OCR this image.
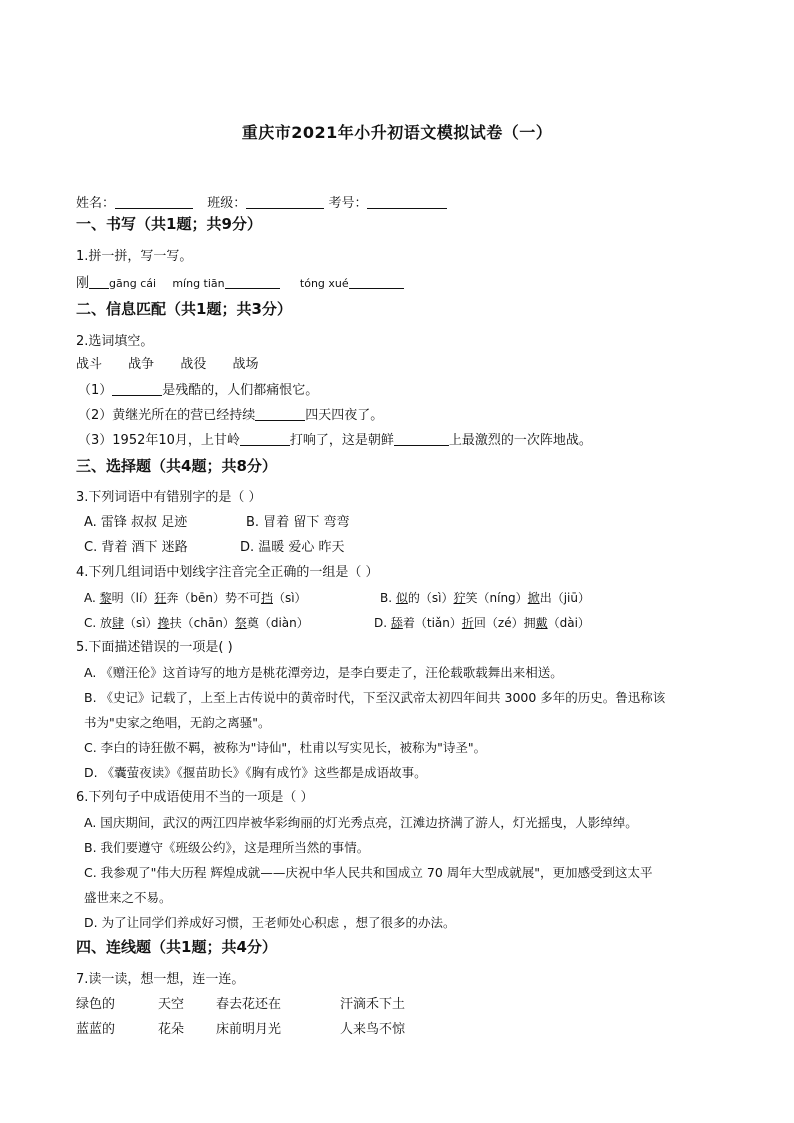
重庆市2021年小升初语文模拟试卷（一）
姓名：	班级：	考号：
一、书写（共1题；共9分）
1.拼一拼，写一写。
刚 gāng cái míng tiān	tóng xué
二、信息匹配（共1题；共3分）
2.选词填空。
战斗 战争 战役 战场
（1）	是残酷的，人们都痛恨它。
（2）黄继光所在的营已经持续	四天四夜了。
（3）1952年10月，上甘岭	打响了，这是朝鲜	上最激烈的一次阵地战。
三、选择题（共4题；共8分）
3.下列词语中有错别字的是（ ）
A. 雷锋 叔叔 足迹	B. 冒着 留下 弯弯
C. 背着 酒下 迷路	D. 温暖 爱心 昨天
4.下列几组词语中划线字注音完全正确的一组是（ ）
A. 黎明（lí）狂奔（bēn）势不可挡（sì）	B. 似的（sì）狞笑（níng）掀出（jiū）
C. 放肆（sì）搀扶（chān）祭奠（diàn）	D. 舔着（tiǎn）折回（zé）拥戴（dài）
5.下面描述错误的一项是( )
A. 《赠汪伦》这首诗写的地方是桃花潭旁边，是李白要走了，汪伦载歌载舞出来相送。
B. 《史记》记载了，上至上古传说中的黄帝时代，下至汉武帝太初四年间共 3000 多年的历史。鲁迅称该
书为"史家之绝唱，无韵之离骚"。
C. 李白的诗狂傲不羁，被称为"诗仙"，杜甫以写实见长，被称为"诗圣"。
D. 《囊萤夜读》《揠苗助长》《胸有成竹》这些都是成语故事。
6.下列句子中成语使用不当的一项是（ ）
A. 国庆期间，武汉的两江四岸被华彩绚丽的灯光秀点亮，江滩边挤满了游人，灯光摇曳，人影绰绰。
B. 我们要遵守《班级公约》，这是理所当然的事情。
C. 我参观了"伟大历程 辉煌成就——庆祝中华人民共和国成立 70 周年大型成就展"，更加感受到这太平
盛世来之不易。
D. 为了让同学们养成好习惯，王老师处心积虑 ，想了很多的办法。
四、连线题（共1题；共4分）
7.读一读，想一想，连一连。
绿色的	天空 春去花还在	汗滴禾下土
蓝蓝的	花朵 床前明月光	人来鸟不惊
